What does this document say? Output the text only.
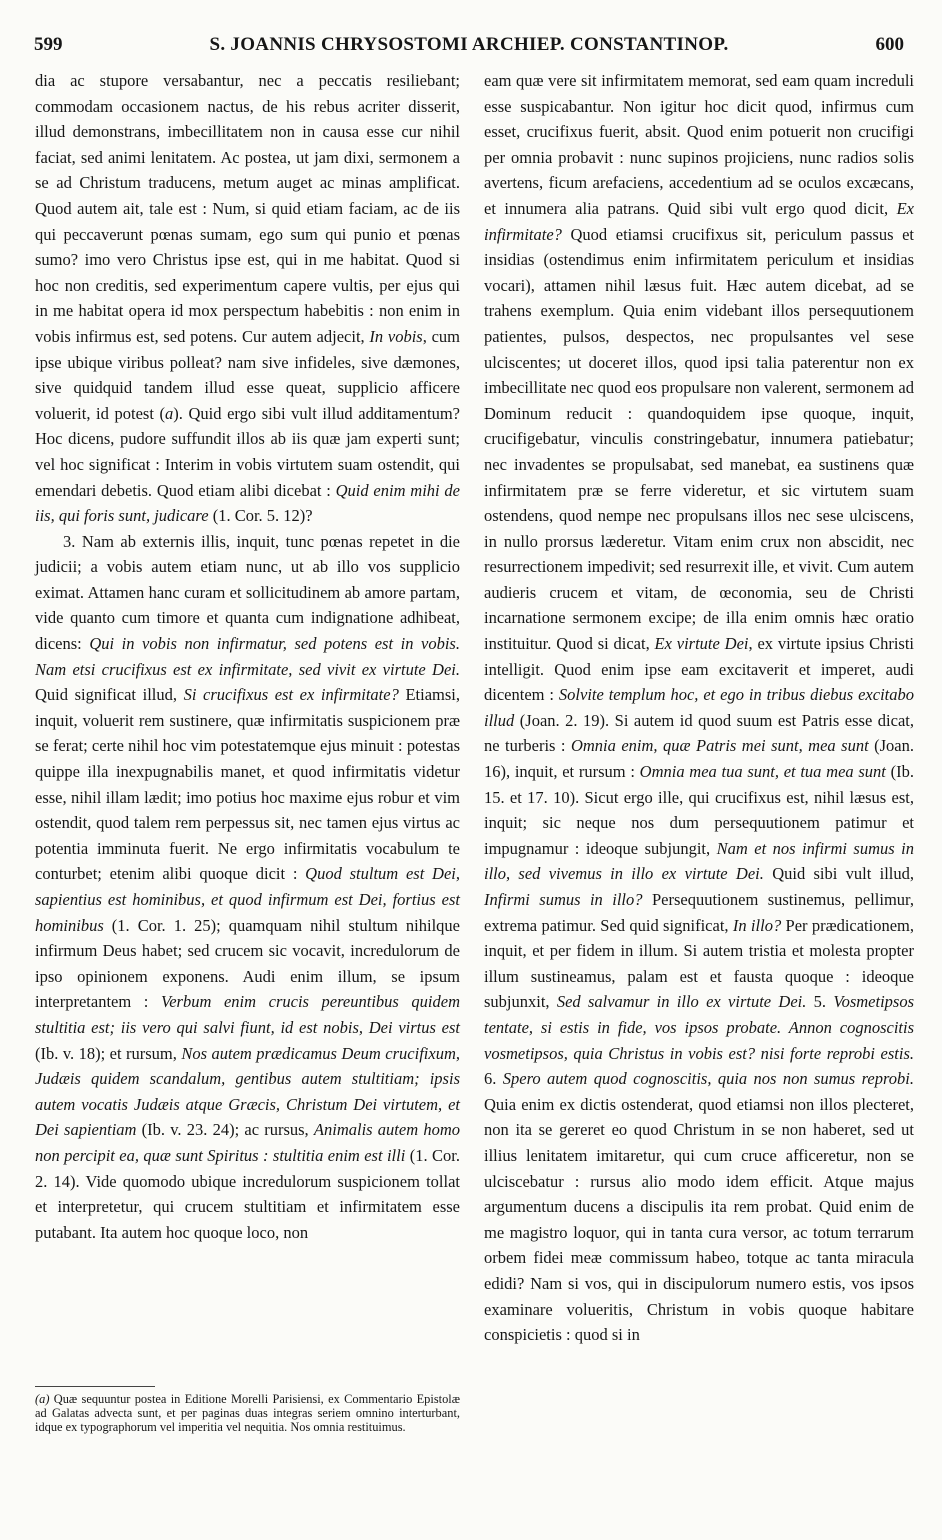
599	S. JOANNIS CHRYSOSTOMI ARCHIEP. CONSTANTINOP.	600

dia ac stupore versabantur, nec a peccatis resiliebant; commodam occasionem nactus, de his rebus acriter disserit, illud demonstrans, imbecillitatem non in causa esse cur nihil faciat, sed animi lenitatem. Ac postea, ut jam dixi, sermonem a se ad Christum traducens, metum auget ac minas amplificat. Quod autem ait, tale est : Num, si quid etiam faciam, ac de iis qui peccaverunt pœnas sumam, ego sum qui punio et pœnas sumo? imo vero Christus ipse est, qui in me habitat. Quod si hoc non creditis, sed experimentum capere vultis, per ejus qui in me habitat opera id mox perspectum habebitis : non enim in vobis infirmus est, sed potens. Cur autem adjecit, In vobis, cum ipse ubique viribus polleat? nam sive infideles, sive dæmones, sive quidquid tandem illud esse queat, supplicio afficere voluerit, id potest (a). Quid ergo sibi vult illud additamentum? Hoc dicens, pudore suffundit illos ab iis quæ jam experti sunt; vel hoc significat : Interim in vobis virtutem suam ostendit, qui emendari debetis. Quod etiam alibi dicebat : Quid enim mihi de iis, qui foris sunt, judicare (1. Cor. 5. 12)?

3. Nam ab externis illis, inquit, tunc pœnas repetet in die judicii; a vobis autem etiam nunc, ut ab illo vos supplicio eximat. Attamen hanc curam et sollicitudinem ab amore partam, vide quanto cum timore et quanta cum indignatione adhibeat, dicens: Qui in vobis non infirmatur, sed potens est in vobis. Nam etsi crucifixus est ex infirmitate, sed vivit ex virtute Dei. Quid significat illud, Si crucifixus est ex infirmitate? Etiamsi, inquit, voluerit rem sustinere, quæ infirmitatis suspicionem præ se ferat; certe nihil hoc vim potestatemque ejus minuit : potestas quippe illa inexpugnabilis manet, et quod infirmitatis videtur esse, nihil illam lædit; imo potius hoc maxime ejus robur et vim ostendit, quod talem rem perpessus sit, nec tamen ejus virtus ac potentia imminuta fuerit. Ne ergo infirmitatis vocabulum te conturbet; etenim alibi quoque dicit : Quod stultum est Dei, sapientius est hominibus, et quod infirmum est Dei, fortius est hominibus (1. Cor. 1. 25); quamquam nihil stultum nihilque infirmum Deus habet; sed crucem sic vocavit, incredulorum de ipso opinionem exponens. Audi enim illum, se ipsum interpretantem : Verbum enim crucis pereuntibus quidem stultitia est; iis vero qui salvi fiunt, id est nobis, Dei virtus est (Ib. v. 18); et rursum, Nos autem prædicamus Deum crucifixum, Judæis quidem scandalum, gentibus autem stultitiam; ipsis autem vocatis Judæis atque Græcis, Christum Dei virtutem, et Dei sapientiam (Ib. v. 23. 24); ac rursus, Animalis autem homo non percipit ea, quæ sunt Spiritus : stultitia enim est illi (1. Cor. 2. 14). Vide quomodo ubique incredulorum suspicionem tollat et interpretetur, qui crucem stultitiam et infirmitatem esse putabant. Ita autem hoc quoque loco, non

(a) Quæ sequuntur postea in Editione Morelli Parisiensi, ex Commentario Epistolæ ad Galatas advecta sunt, et per paginas duas integras seriem omnino interturbant, idque ex typographorum vel imperitia vel nequitia. Nos omnia restituimus.

eam quæ vere sit infirmitatem memorat, sed eam quam increduli esse suspicabantur. Non igitur hoc dicit quod, infirmus cum esset, crucifixus fuerit, absit. Quod enim potuerit non crucifigi per omnia probavit : nunc supinos projiciens, nunc radios solis avertens, ficum arefaciens, accedentium ad se oculos excæcans, et innumera alia patrans. Quid sibi vult ergo quod dicit, Ex infirmitate? Quod etiamsi crucifixus sit, periculum passus et insidias (ostendimus enim infirmitatem periculum et insidias vocari), attamen nihil læsus fuit. Hæc autem dicebat, ad se trahens exemplum. Quia enim videbant illos persequutionem patientes, pulsos, despectos, nec propulsantes vel sese ulciscentes; ut doceret illos, quod ipsi talia paterentur non ex imbecillitate nec quod eos propulsare non valerent, sermonem ad Dominum reducit : quandoquidem ipse quoque, inquit, crucifigebatur, vinculis constringebatur, innumera patiebatur; nec invadentes se propulsabat, sed manebat, ea sustinens quæ infirmitatem præ se ferre videretur, et sic virtutem suam ostendens, quod nempe nec propulsans illos nec sese ulciscens, in nullo prorsus læderetur. Vitam enim crux non abscidit, nec resurrectionem impedivit; sed resurrexit ille, et vivit. Cum autem audieris crucem et vitam, de œconomia, seu de Christi incarnatione sermonem excipe; de illa enim omnis hæc oratio instituitur. Quod si dicat, Ex virtute Dei, ex virtute ipsius Christi intelligit. Quod enim ipse eam excitaverit et imperet, audi dicentem : Solvite templum hoc, et ego in tribus diebus excitabo illud (Joan. 2. 19). Si autem id quod suum est Patris esse dicat, ne turberis : Omnia enim, quæ Patris mei sunt, mea sunt (Joan. 16), inquit, et rursum : Omnia mea tua sunt, et tua mea sunt (Ib. 15. et 17. 10). Sicut ergo ille, qui crucifixus est, nihil læsus est, inquit; sic neque nos dum persequutionem patimur et impugnamur : ideoque subjungit, Nam et nos infirmi sumus in illo, sed vivemus in illo ex virtute Dei. Quid sibi vult illud, Infirmi sumus in illo? Persequutionem sustinemus, pellimur, extrema patimur. Sed quid significat, In illo? Per prædicationem, inquit, et per fidem in illum. Si autem tristia et molesta propter illum sustineamus, palam est et fausta quoque : ideoque subjunxit, Sed salvamur in illo ex virtute Dei. 5. Vosmetipsos tentate, si estis in fide, vos ipsos probate. Annon cognoscitis vosmetipsos, quia Christus in vobis est? nisi forte reprobi estis. 6. Spero autem quod cognoscitis, quia nos non sumus reprobi. Quia enim ex dictis ostenderat, quod etiamsi non illos plecteret, non ita se gereret eo quod Christum in se non haberet, sed ut illius lenitatem imitaretur, qui cum cruce afficeretur, non se ulciscebatur : rursus alio modo idem efficit. Atque majus argumentum ducens a discipulis ita rem probat. Quid enim de me magistro loquor, qui in tanta cura versor, ac totum terrarum orbem fidei meæ commissum habeo, totque ac tanta miracula edidi? Nam si vos, qui in discipulorum numero estis, vos ipsos examinare volueritis, Christum in vobis quoque habitare conspicietis : quod si in
